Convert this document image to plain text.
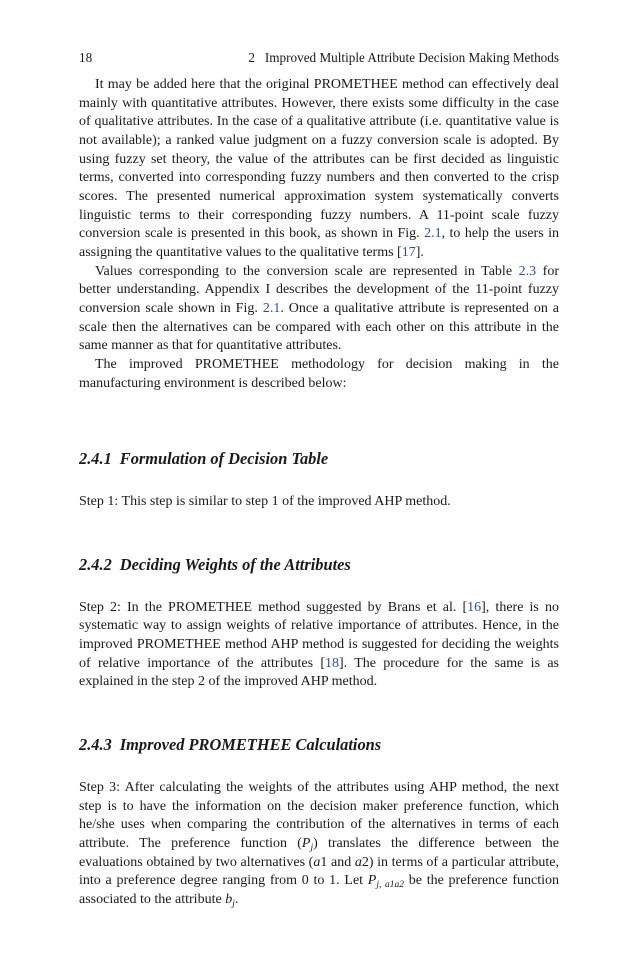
18	2   Improved Multiple Attribute Decision Making Methods

It may be added here that the original PROMETHEE method can effectively deal mainly with quantitative attributes. However, there exists some difficulty in the case of qualitative attributes. In the case of a qualitative attribute (i.e. quantitative value is not available); a ranked value judgment on a fuzzy conversion scale is adopted. By using fuzzy set theory, the value of the attributes can be first decided as linguistic terms, converted into corresponding fuzzy numbers and then converted to the crisp scores. The presented numerical approximation system systematically converts linguistic terms to their corresponding fuzzy numbers. A 11-point scale fuzzy conversion scale is presented in this book, as shown in Fig. 2.1, to help the users in assigning the quantitative values to the qualitative terms [17].

Values corresponding to the conversion scale are represented in Table 2.3 for better understanding. Appendix I describes the development of the 11-point fuzzy conversion scale shown in Fig. 2.1. Once a qualitative attribute is represented on a scale then the alternatives can be compared with each other on this attribute in the same manner as that for quantitative attributes.

The improved PROMETHEE methodology for decision making in the manufacturing environment is described below:

2.4.1 Formulation of Decision Table

Step 1: This step is similar to step 1 of the improved AHP method.

2.4.2 Deciding Weights of the Attributes

Step 2: In the PROMETHEE method suggested by Brans et al. [16], there is no systematic way to assign weights of relative importance of attributes. Hence, in the improved PROMETHEE method AHP method is suggested for deciding the weights of relative importance of the attributes [18]. The procedure for the same is as explained in the step 2 of the improved AHP method.

2.4.3 Improved PROMETHEE Calculations

Step 3: After calculating the weights of the attributes using AHP method, the next step is to have the information on the decision maker preference function, which he/she uses when comparing the contribution of the alternatives in terms of each attribute. The preference function $(P_j)$ translates the difference between the evaluations obtained by two alternatives (a1 and a2) in terms of a particular attribute, into a preference degree ranging from 0 to 1. Let $P_{j, a1a2}$ be the preference function associated to the attribute $b_j$.
